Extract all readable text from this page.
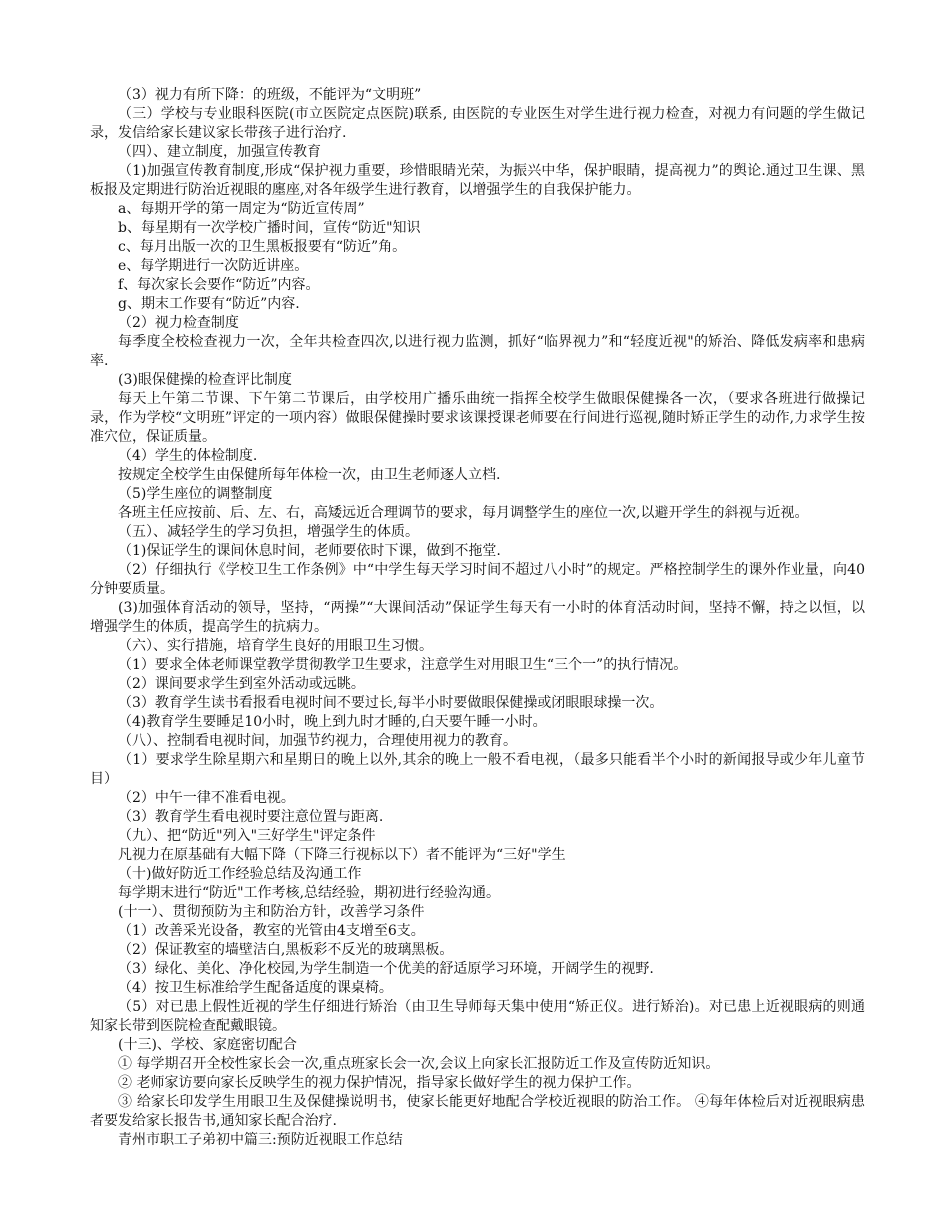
（3）视力有所下降：的班级，不能评为“文明班”

（三）学校与专业眼科医院(市立医院定点医院)联系, 由医院的专业医生对学生进行视力检查，对视力有问题的学生做记录，发信给家长建议家长带孩子进行治疗.

（四）、建立制度，加强宣传教育

（1)加强宣传教育制度,形成“保护视力重要，珍惜眼睛光荣，为振兴中华，保护眼睛，提高视力”的舆论.通过卫生课、黑板报及定期进行防治近视眼的廛座,对各年级学生进行教育，以增强学生的自我保护能力。

a、每期开学的第一周定为“防近宣传周”

b、每星期有一次学校广播时间，宣传“防近"知识

c、每月出版一次的卫生黑板报要有“防近”角。

e、每学期进行一次防近讲座。

f、每次家长会要作“防近”内容。

g、期末工作要有“防近”内容.

（2）视力检查制度

每季度全校检查视力一次，全年共检查四次,以进行视力监测，抓好“临界视力”和“轻度近视"的矫治、降低发病率和患病率.

(3)眼保健操的检查评比制度

每天上午第二节课、下午第二节课后，由学校用广播乐曲统一指挥全校学生做眼保健操各一次，（要求各班进行做操记录，作为学校“文明班”评定的一项内容）做眼保健操时要求该课授课老师要在行间进行巡视,随时矫正学生的动作,力求学生按准穴位，保证质量。

（4）学生的体检制度.

按规定全校学生由保健所每年体检一次，由卫生老师逐人立档.

（5)学生座位的调整制度

各班主任应按前、后、左、右，高矮远近合理调节的要求，每月调整学生的座位一次,以避开学生的斜视与近视。

（五）、减轻学生的学习负担，增强学生的体质。

（1)保证学生的课间休息时间，老师要依时下课，做到不拖堂.

（2）仔细执行《学校卫生工作条例》中“中学生每天学习时间不超过八小时”的规定。严格控制学生的课外作业量，向40分钟要质量。

(3)加强体育活动的领导，坚持，“两操”“大课间活动”保证学生每天有一小时的体育活动时间，坚持不懈，持之以恒，以增强学生的体质，提高学生的抗病力。

（六）、实行措施，培育学生良好的用眼卫生习惯。

（1）要求全体老师课堂教学贯彻教学卫生要求，注意学生对用眼卫生“三个一”的执行情况。

（2）课间要求学生到室外活动或远眺。

（3）教育学生读书看报看电视时间不要过长,每半小时要做眼保健操或闭眼眼球操一次。

（4)教育学生要睡足10小时，晚上到九时才睡的,白天要午睡一小时。

（八）、控制看电视时间，加强节约视力，合理使用视力的教育。

（1）要求学生除星期六和星期日的晚上以外,其余的晚上一般不看电视，（最多只能看半个小时的新闻报导或少年儿童节目）

（2）中午一律不准看电视。

（3）教育学生看电视时要注意位置与距离.

（九）、把“防近"列入"三好学生"评定条件

凡视力在原基础有大幅下降（下降三行视标以下）者不能评为“三好"学生

（十)做好防近工作经验总结及沟通工作

每学期末进行“防近"工作考核,总结经验，期初进行经验沟通。

(十一）、贯彻预防为主和防治方针，改善学习条件

（1）改善采光设备，教室的光管由4支增至6支。

（2）保证教室的墙壁洁白,黑板彩不反光的玻璃黑板。

（3）绿化、美化、净化校园,为学生制造一个优美的舒适原学习环境，开阔学生的视野.

（4）按卫生标准给学生配备适度的课桌椅。

（5）对已患上假性近视的学生仔细进行矫治（由卫生导师每天集中使用“矫正仪。进行矫治)。对已患上近视眼病的则通知家长带到医院检查配戴眼镜。

(十三)、学校、家庭密切配合

① 每学期召开全校性家长会一次,重点班家长会一次,会议上向家长汇报防近工作及宣传防近知识。

② 老师家访要向家长反映学生的视力保护情况，指导家长做好学生的视力保护工作。

③ 给家长印发学生用眼卫生及保健操说明书，使家长能更好地配合学校近视眼的防治工作。 ④每年体检后对近视眼病患者要发给家长报告书,通知家长配合治疗.

青州市职工子弟初中篇三:预防近视眼工作总结
